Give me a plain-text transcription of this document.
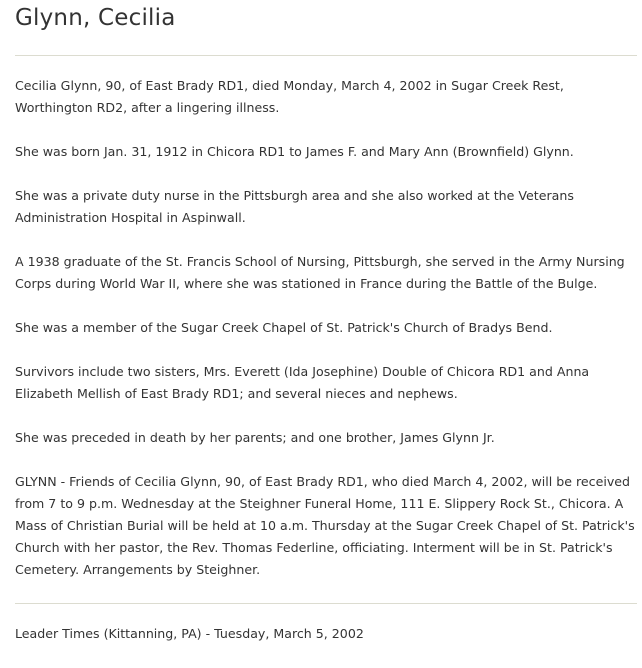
Glynn, Cecilia

Cecilia Glynn, 90, of East Brady RD1, died Monday, March 4, 2002 in Sugar Creek Rest, Worthington RD2, after a lingering illness.

She was born Jan. 31, 1912 in Chicora RD1 to James F. and Mary Ann (Brownfield) Glynn.

She was a private duty nurse in the Pittsburgh area and she also worked at the Veterans Administration Hospital in Aspinwall.

A 1938 graduate of the St. Francis School of Nursing, Pittsburgh, she served in the Army Nursing Corps during World War II, where she was stationed in France during the Battle of the Bulge.

She was a member of the Sugar Creek Chapel of St. Patrick's Church of Bradys Bend.

Survivors include two sisters, Mrs. Everett (Ida Josephine) Double of Chicora RD1 and Anna Elizabeth Mellish of East Brady RD1; and several nieces and nephews.

She was preceded in death by her parents; and one brother, James Glynn Jr.

GLYNN - Friends of Cecilia Glynn, 90, of East Brady RD1, who died March 4, 2002, will be received from 7 to 9 p.m. Wednesday at the Steighner Funeral Home, 111 E. Slippery Rock St., Chicora. A Mass of Christian Burial will be held at 10 a.m. Thursday at the Sugar Creek Chapel of St. Patrick's Church with her pastor, the Rev. Thomas Federline, officiating. Interment will be in St. Patrick's Cemetery. Arrangements by Steighner.

Leader Times (Kittanning, PA) - Tuesday, March 5, 2002
